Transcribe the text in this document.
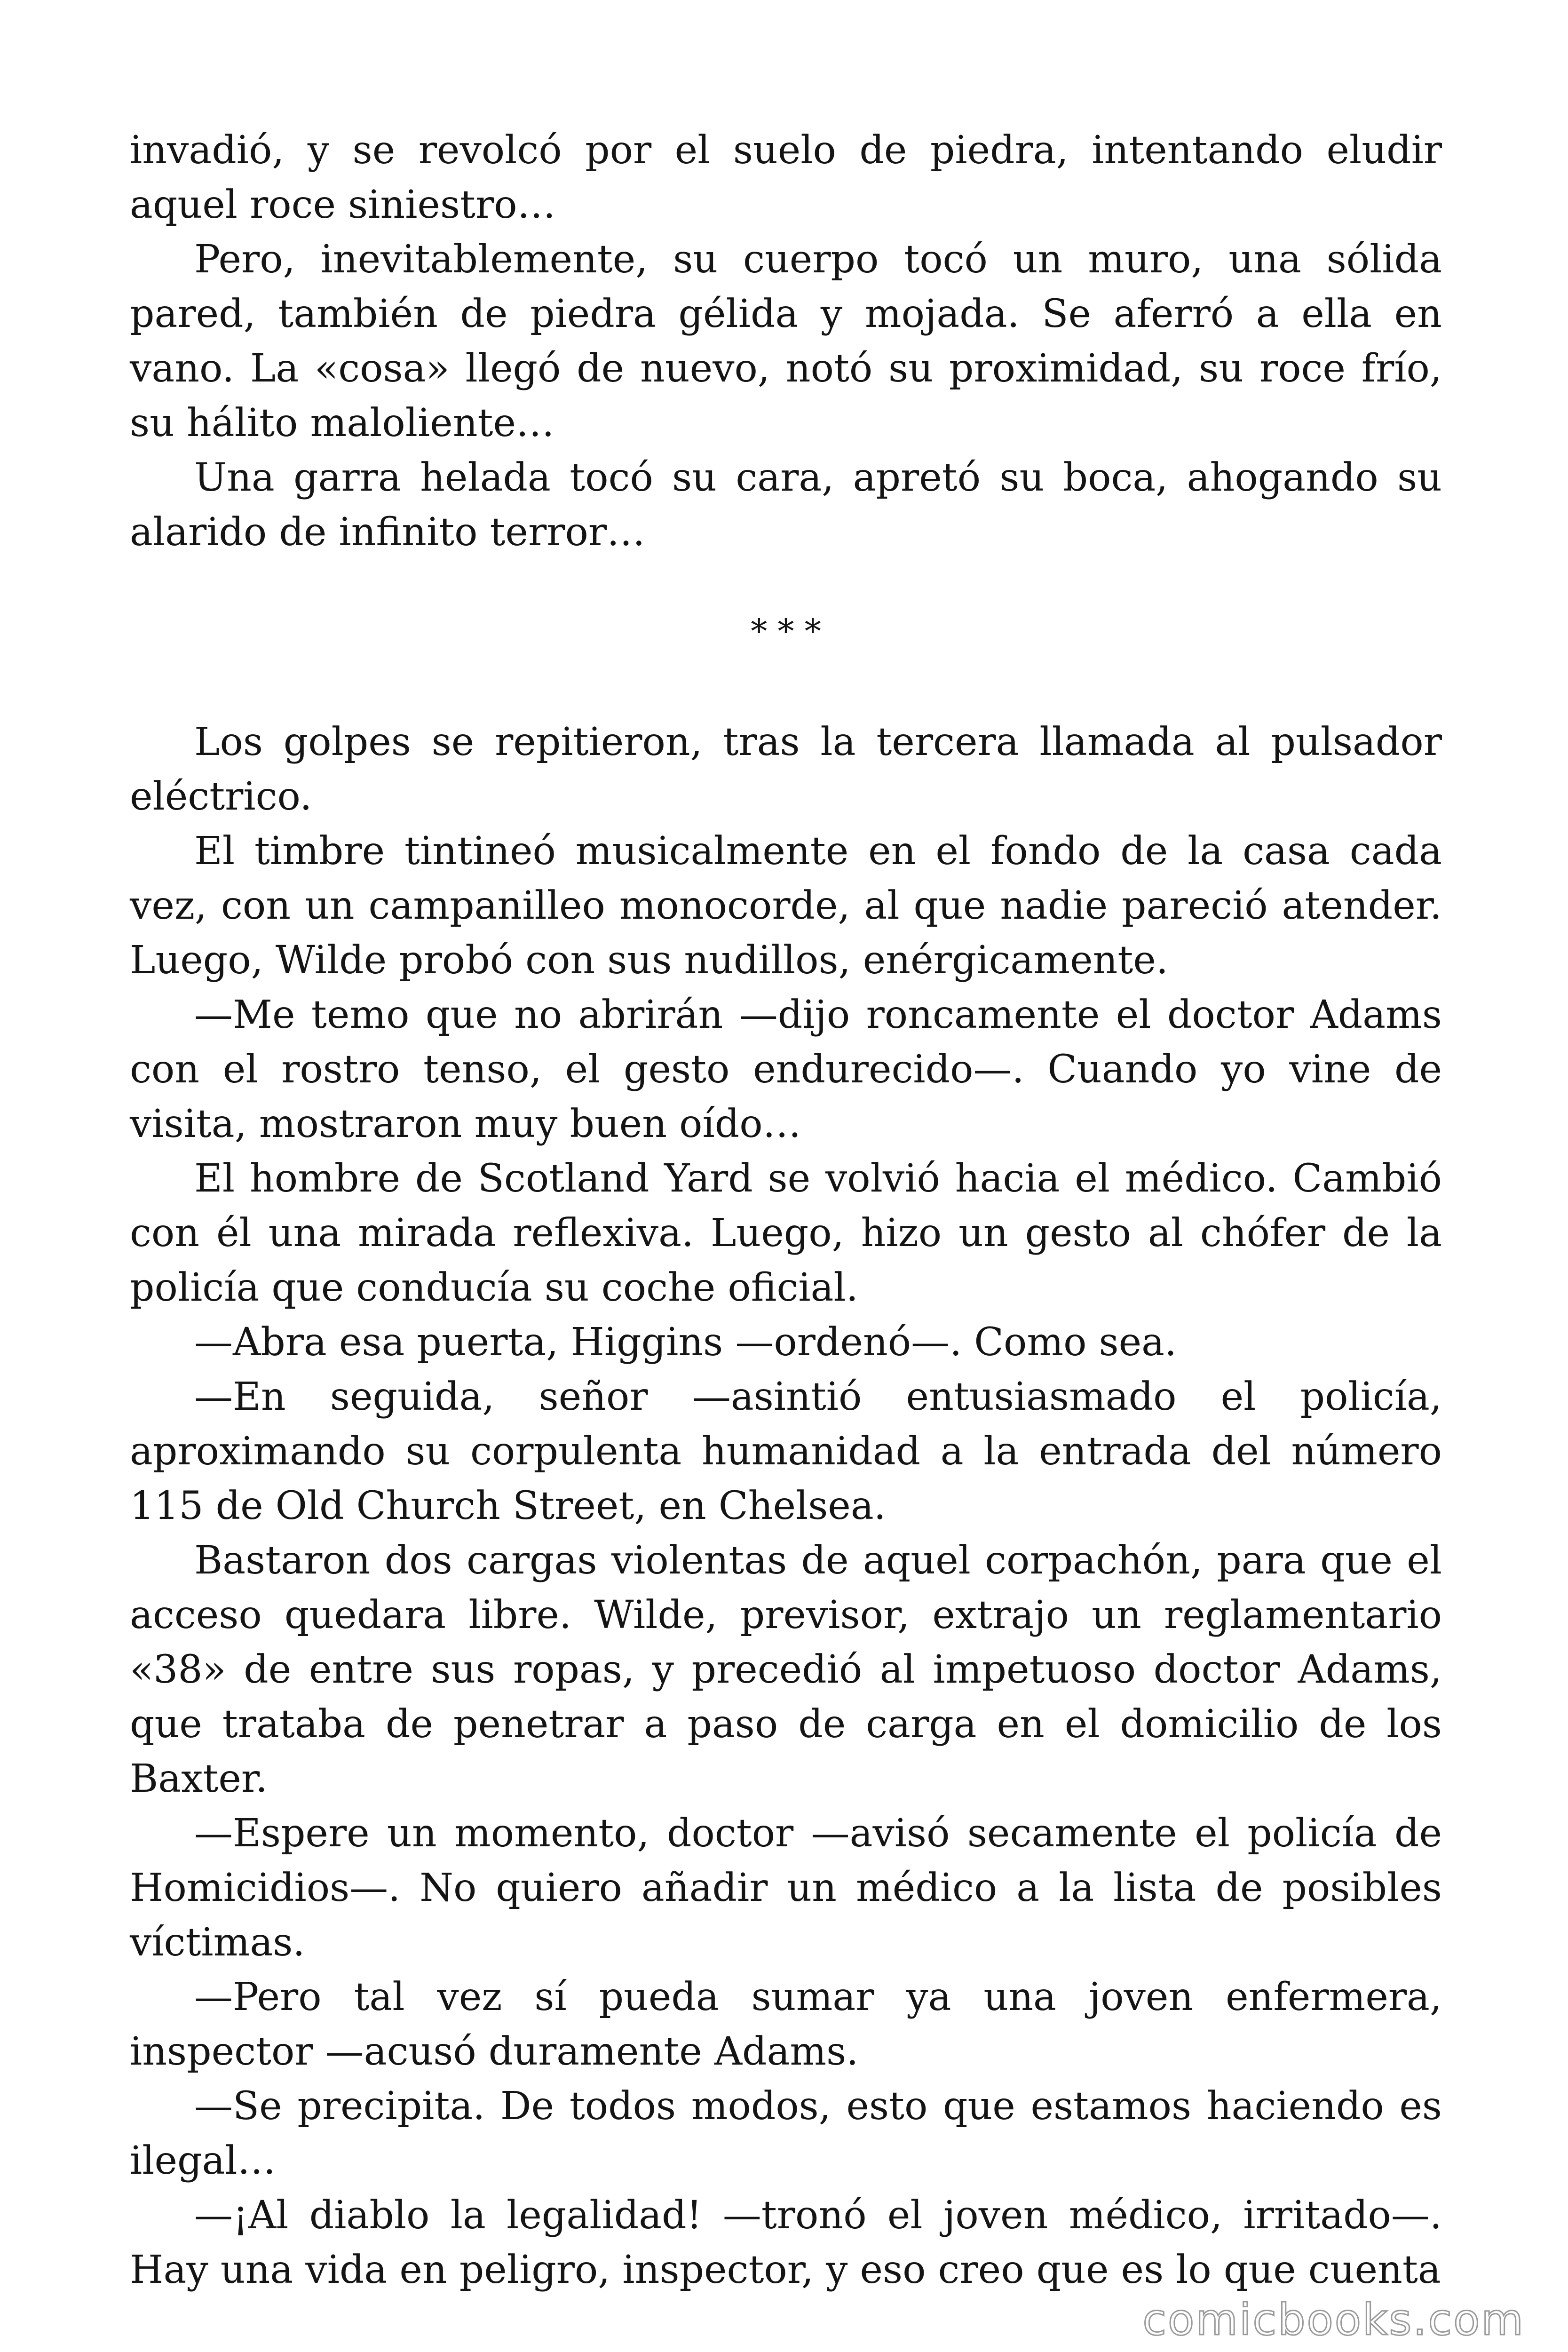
invadió, y se revolcó por el suelo de piedra, intentando eludir aquel roce siniestro…

Pero, inevitablemente, su cuerpo tocó un muro, una sólida pared, también de piedra gélida y mojada. Se aferró a ella en vano. La «cosa» llegó de nuevo, notó su proximidad, su roce frío, su hálito maloliente…

Una garra helada tocó su cara, apretó su boca, ahogando su alarido de infinito terror…

* * *

Los golpes se repitieron, tras la tercera llamada al pulsador eléctrico.

El timbre tintineó musicalmente en el fondo de la casa cada vez, con un campanilleo monocorde, al que nadie pareció atender. Luego, Wilde probó con sus nudillos, enérgicamente.

—Me temo que no abrirán —dijo roncamente el doctor Adams con el rostro tenso, el gesto endurecido—. Cuando yo vine de visita, mostraron muy buen oído…

El hombre de Scotland Yard se volvió hacia el médico. Cambió con él una mirada reflexiva. Luego, hizo un gesto al chófer de la policía que conducía su coche oficial.

—Abra esa puerta, Higgins —ordenó—. Como sea.

—En seguida, señor —asintió entusiasmado el policía, aproximando su corpulenta humanidad a la entrada del número 115 de Old Church Street, en Chelsea.

Bastaron dos cargas violentas de aquel corpachón, para que el acceso quedara libre. Wilde, previsor, extrajo un reglamentario «38» de entre sus ropas, y precedió al impetuoso doctor Adams, que trataba de penetrar a paso de carga en el domicilio de los Baxter.

—Espere un momento, doctor —avisó secamente el policía de Homicidios—. No quiero añadir un médico a la lista de posibles víctimas.

—Pero tal vez sí pueda sumar ya una joven enfermera, inspector —acusó duramente Adams.

—Se precipita. De todos modos, esto que estamos haciendo es ilegal…

—¡Al diablo la legalidad! —tronó el joven médico, irritado—. Hay una vida en peligro, inspector, y eso creo que es lo que cuenta

comicbooks.com
